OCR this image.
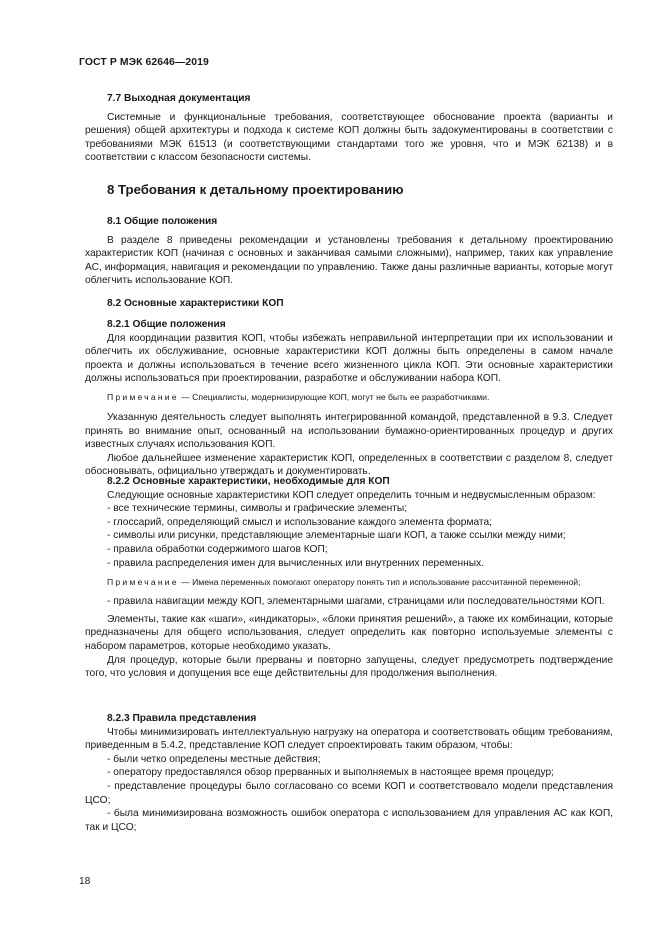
ГОСТ Р МЭК 62646—2019

7.7 Выходная документация

Системные и функциональные требования, соответствующее обоснование проекта (варианты и решения) общей архитектуры и подхода к системе КОП должны быть задокументированы в соответствии с требованиями МЭК 61513 (и соответствующими стандартами того же уровня, что и МЭК 62138) и в соответствии с классом безопасности системы.

8 Требования к детальному проектированию

8.1 Общие положения

В разделе 8 приведены рекомендации и установлены требования к детальному проектированию характеристик КОП (начиная с основных и заканчивая самыми сложными), например, таких как управление АС, информация, навигация и рекомендации по управлению. Также даны различные варианты, которые могут облегчить использование КОП.

8.2 Основные характеристики КОП

8.2.1 Общие положения

Для координации развития КОП, чтобы избежать неправильной интерпретации при их использовании и облегчить их обслуживание, основные характеристики КОП должны быть определены в самом начале проекта и должны использоваться в течение всего жизненного цикла КОП. Эти основные характеристики должны использоваться при проектировании, разработке и обслуживании набора КОП.

Примечание — Специалисты, модернизирующие КОП, могут не быть ее разработчиками.

Указанную деятельность следует выполнять интегрированной командой, представленной в 9.3. Следует принять во внимание опыт, основанный на использовании бумажно-ориентированных процедур и других известных случаях использования КОП.

Любое дальнейшее изменение характеристик КОП, определенных в соответствии с разделом 8, следует обосновывать, официально утверждать и документировать.

8.2.2 Основные характеристики, необходимые для КОП

Следующие основные характеристики КОП следует определить точным и недвусмысленным образом:

- все технические термины, символы и графические элементы;

- глоссарий, определяющий смысл и использование каждого элемента формата;

- символы или рисунки, представляющие элементарные шаги КОП, а также ссылки между ними;

- правила обработки содержимого шагов КОП;

- правила распределения имен для вычисленных или внутренних переменных.

Примечание — Имена переменных помогают оператору понять тип и использование рассчитанной переменной;

- правила навигации между КОП, элементарными шагами, страницами или последовательностями КОП.

Элементы, такие как «шаги», «индикаторы», «блоки принятия решений», а также их комбинации, которые предназначены для общего использования, следует определить как повторно используемые элементы с набором параметров, которые необходимо указать.

Для процедур, которые были прерваны и повторно запущены, следует предусмотреть подтверждение того, что условия и допущения все еще действительны для продолжения выполнения.

8.2.3 Правила представления

Чтобы минимизировать интеллектуальную нагрузку на оператора и соответствовать общим требованиям, приведенным в 5.4.2, представление КОП следует спроектировать таким образом, чтобы:

- были четко определены местные действия;

- оператору предоставлялся обзор прерванных и выполняемых в настоящее время процедур;

- представление процедуры было согласовано со всеми КОП и соответствовало модели представления ЦСО;

- была минимизирована возможность ошибок оператора с использованием для управления АС как КОП, так и ЦСО;

18
